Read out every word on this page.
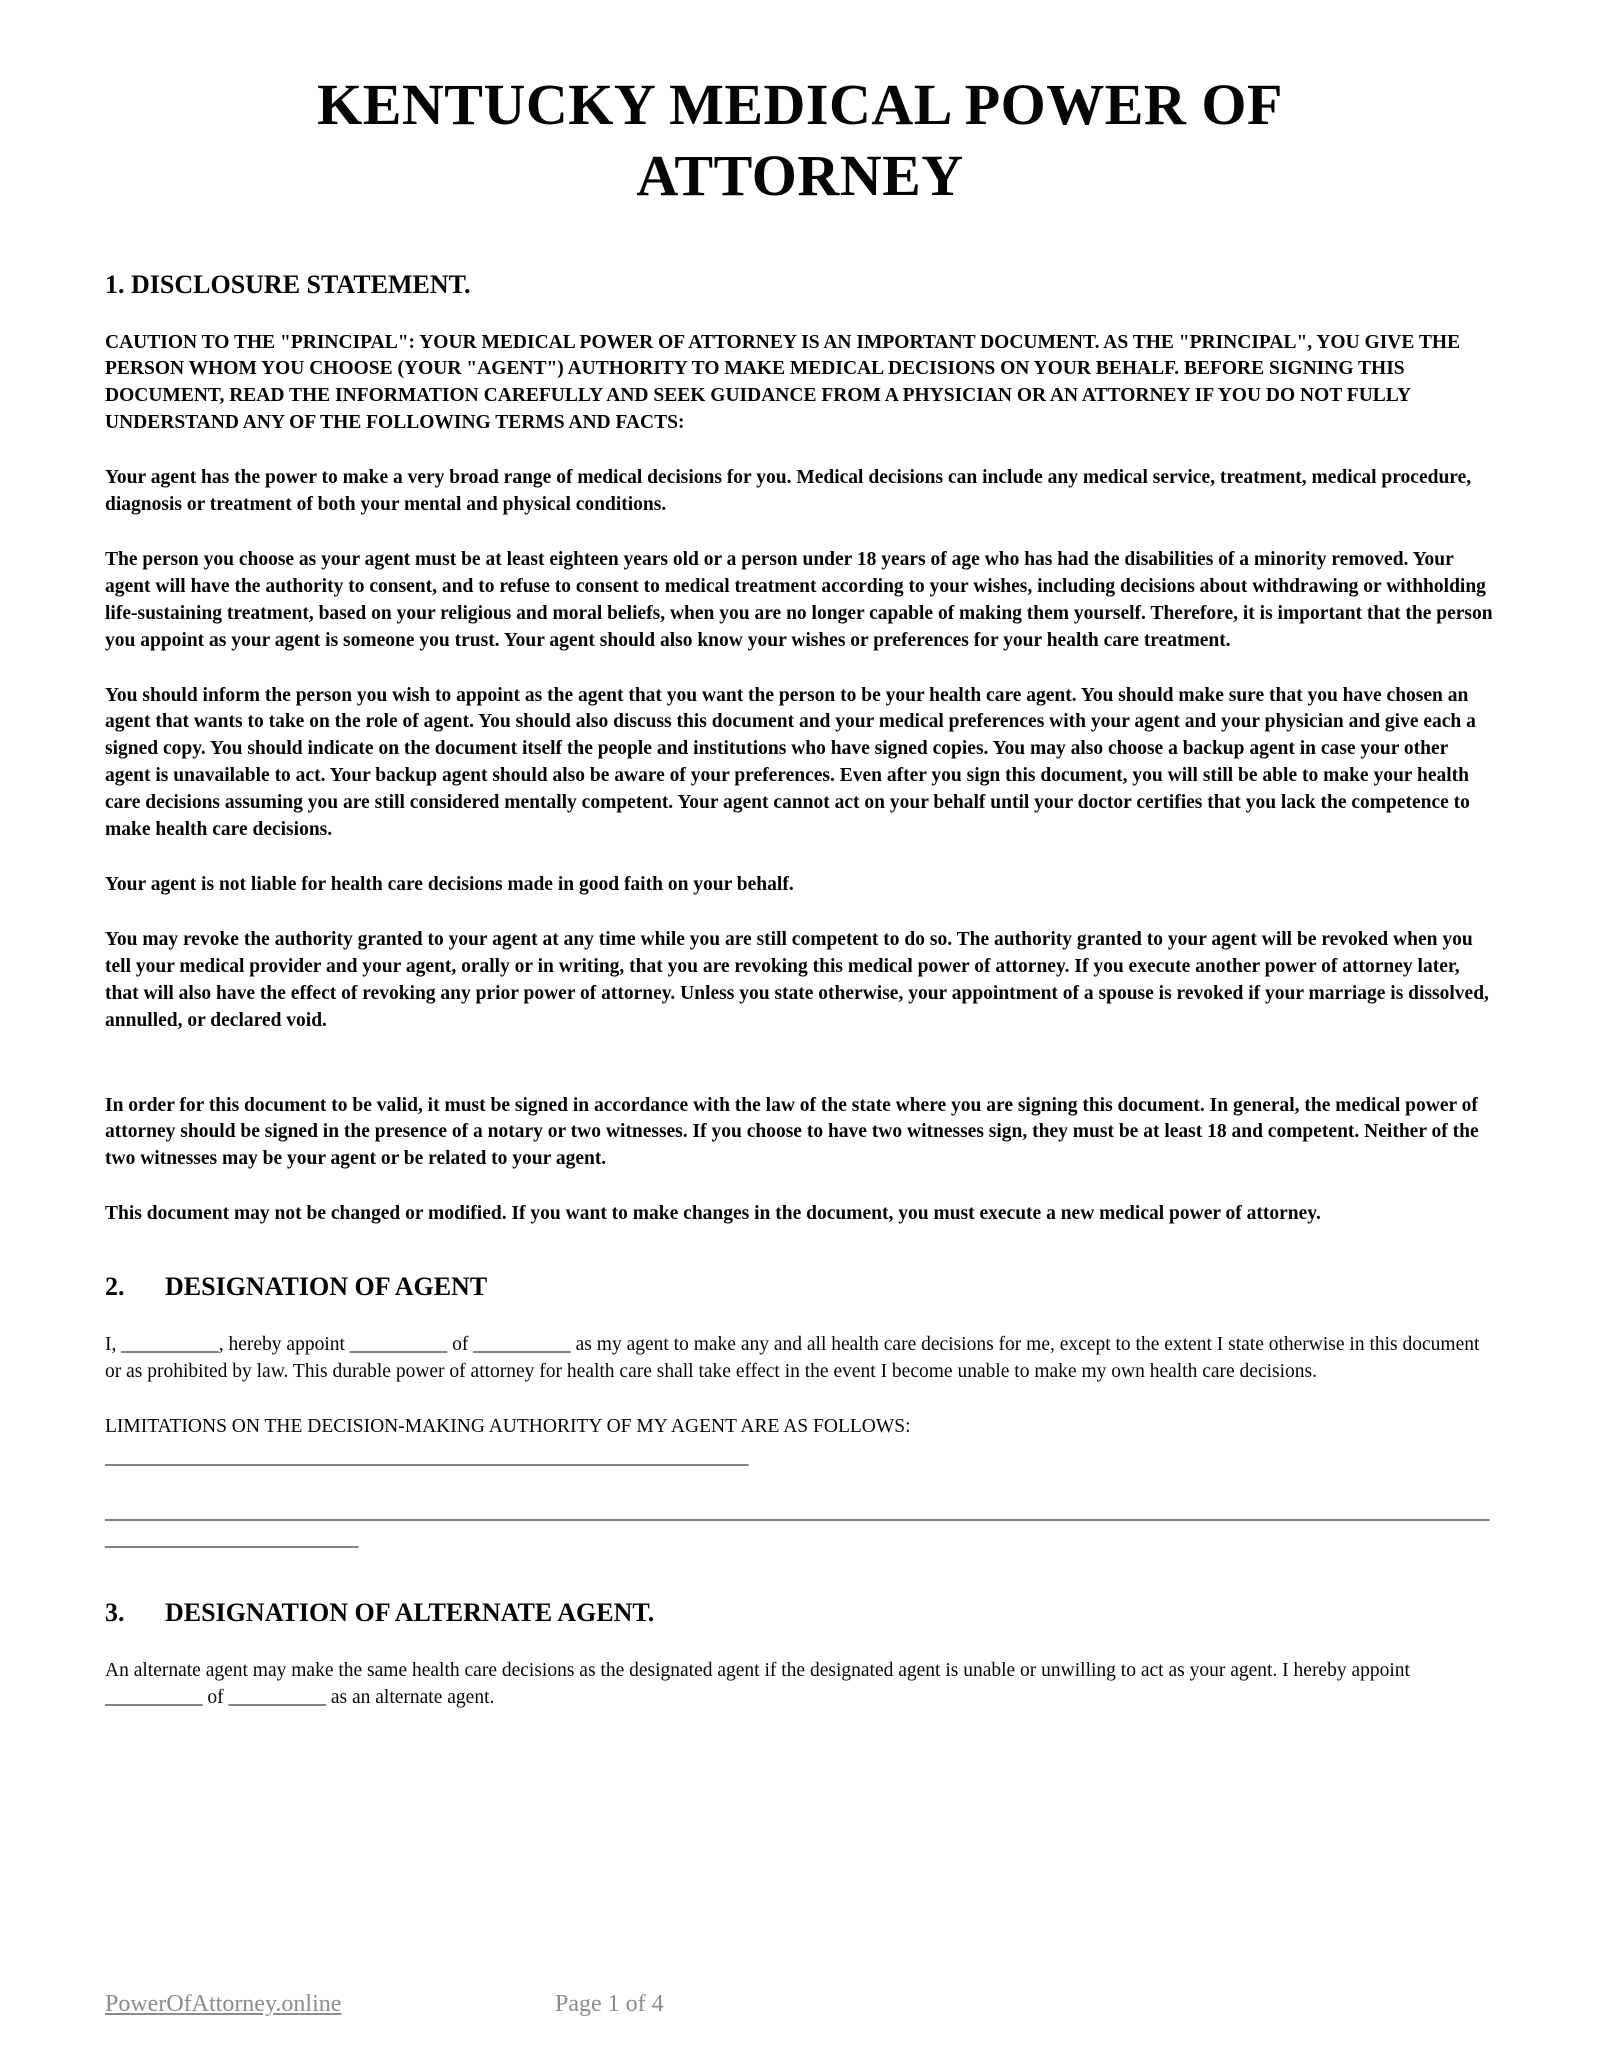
KENTUCKY MEDICAL POWER OF ATTORNEY
1. DISCLOSURE STATEMENT.

CAUTION TO THE "PRINCIPAL": YOUR MEDICAL POWER OF ATTORNEY IS AN IMPORTANT DOCUMENT. AS THE "PRINCIPAL", YOU GIVE THE PERSON WHOM YOU CHOOSE (YOUR "AGENT") AUTHORITY TO MAKE MEDICAL DECISIONS ON YOUR BEHALF. BEFORE SIGNING THIS DOCUMENT, READ THE INFORMATION CAREFULLY AND SEEK GUIDANCE FROM A PHYSICIAN OR AN ATTORNEY IF YOU DO NOT FULLY UNDERSTAND ANY OF THE FOLLOWING TERMS AND FACTS:

Your agent has the power to make a very broad range of medical decisions for you. Medical decisions can include any medical service, treatment, medical procedure, diagnosis or treatment of both your mental and physical conditions.

The person you choose as your agent must be at least eighteen years old or a person under 18 years of age who has had the disabilities of a minority removed. Your agent will have the authority to consent, and to refuse to consent to medical treatment according to your wishes, including decisions about withdrawing or withholding life-sustaining treatment, based on your religious and moral beliefs, when you are no longer capable of making them yourself. Therefore, it is important that the person you appoint as your agent is someone you trust. Your agent should also know your wishes or preferences for your health care treatment.

You should inform the person you wish to appoint as the agent that you want the person to be your health care agent. You should make sure that you have chosen an agent that wants to take on the role of agent. You should also discuss this document and your medical preferences with your agent and your physician and give each a signed copy. You should indicate on the document itself the people and institutions who have signed copies. You may also choose a backup agent in case your other agent is unavailable to act. Your backup agent should also be aware of your preferences. Even after you sign this document, you will still be able to make your health care decisions assuming you are still considered mentally competent. Your agent cannot act on your behalf until your doctor certifies that you lack the competence to make health care decisions.

Your agent is not liable for health care decisions made in good faith on your behalf.

You may revoke the authority granted to your agent at any time while you are still competent to do so. The authority granted to your agent will be revoked when you tell your medical provider and your agent, orally or in writing, that you are revoking this medical power of attorney. If you execute another power of attorney later, that will also have the effect of revoking any prior power of attorney. Unless you state otherwise, your appointment of a spouse is revoked if your marriage is dissolved, annulled, or declared void.

In order for this document to be valid, it must be signed in accordance with the law of the state where you are signing this document. In general, the medical power of attorney should be signed in the presence of a notary or two witnesses. If you choose to have two witnesses sign, they must be at least 18 and competent. Neither of the two witnesses may be your agent or be related to your agent.

This document may not be changed or modified. If you want to make changes in the document, you must execute a new medical power of attorney.

2. DESIGNATION OF AGENT

I, __________, hereby appoint __________ of __________ as my agent to make any and all health care decisions for me, except to the extent I state otherwise in this document or as prohibited by law. This durable power of attorney for health care shall take effect in the event I become unable to make my own health care decisions.

LIMITATIONS ON THE DECISION-MAKING AUTHORITY OF MY AGENT ARE AS FOLLOWS:

__________________________________________________________________

________________________________________________________________________________________________________________________________________________________________________

3. DESIGNATION OF ALTERNATE AGENT.

An alternate agent may make the same health care decisions as the designated agent if the designated agent is unable or unwilling to act as your agent. I hereby appoint __________ of __________ as an alternate agent.

PowerOfAttorney.online	Page 1 of 4
